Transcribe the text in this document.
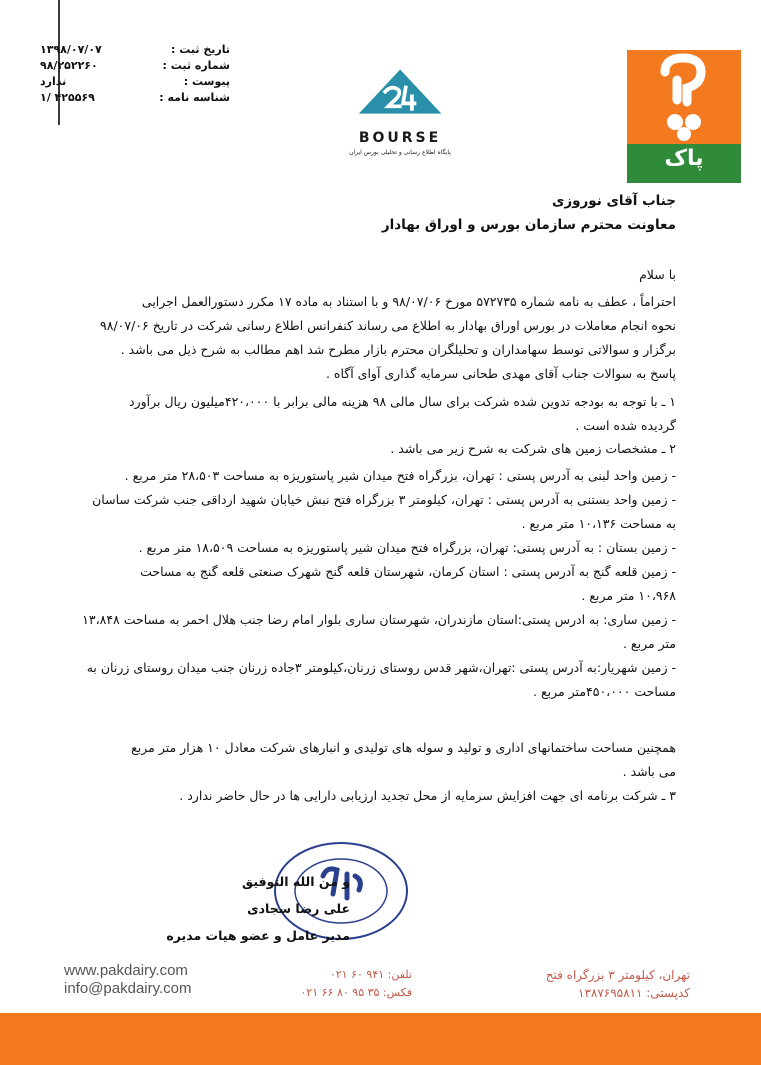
تاریخ ثبت :
۱۳۹۸/۰۷/۰۷
شماره ثبت :
۹۸/۲۵۲۲۶۰
پیوست :
ندارد
شناسه نامه :
۱/ ۴۲۵۵۶۹
BOURSE
پایگاه اطلاع رسانی و تحلیلی بورس ایران	پاک
جناب آقای نوروزی
معاونت محترم سازمان بورس و اوراق بهادار
با سلام
احتراماً ، عطف به نامه شماره ۵۷۲۷۳۵ مورخ ۹۸/۰۷/۰۶ و با استناد به ماده ۱۷ مکرر دستورالعمل اجرایی
نحوه انجام معاملات در بورس اوراق بهادار به اطلاع می رساند کنفرانس اطلاع رسانی شرکت در تاریخ ۹۸/۰۷/۰۶
برگزار و سوالاتی توسط سهامداران و تحلیلگران محترم بازار مطرح شد اهم مطالب به شرح ذیل می باشد .
پاسخ به سوالات جناب آقای مهدی طحانی سرمایه گذاری آوای آگاه .
۱ ـ با توجه به بودجه تدوین شده شرکت برای سال مالی ۹۸ هزینه مالی برابر با ۴۲۰،۰۰۰میلیون ریال برآورد
گردیده شده است .
۲ ـ مشخصات زمین های شرکت به شرح زیر می باشد .
- زمین واحد لبنی به آدرس پستی : تهران، بزرگراه فتح میدان شیر پاستوریزه به مساحت ۲۸،۵۰۳ متر مربع .
- زمین واحد بستنی به آدرس پستی : تهران، کیلومتر ۳ بزرگراه فتح نبش خیابان شهید ارداقی جنب شرکت ساسان
به مساحت ۱۰،۱۳۶ متر مربع .
- زمین بستان : به آدرس پستی: تهران، بزرگراه فتح میدان شیر پاستوریزه به مساحت ۱۸،۵۰۹ متر مربع .
- زمین قلعه گنج به آدرس پستی : استان کرمان، شهرستان قلعه گنج شهرک صنعتی قلعه گنج به مساحت
۱۰،۹۶۸ متر مربع .
- زمین ساری: به ادرس پستی:استان مازندران، شهرستان ساری بلوار امام رضا جنب هلال احمر به مساحت ۱۳،۸۴۸
متر مربع .
- زمین شهریار:به آدرس پستی :تهران،شهر قدس روستای زرنان،کیلومتر ۳جاده زرنان جنب میدان روستای زرنان به
مساحت ۴۵۰،۰۰۰متر مربع .
همچنین مساحت ساختمانهای اداری و تولید و سوله های تولیدی و انبارهای شرکت معادل ۱۰ هزار متر مربع
می باشد .
۳ ـ شرکت برنامه ای جهت افزایش سرمایه از محل تجدید ارزیابی دارایی ها در حال حاضر ندارد .
و من الله التوفیق
علی رضا سجادی
مدیر عامل و عضو هیات مدیره
www.pakdairy.com
info@pakdairy.com
تلفن: ۹۴۱ ۶۰ ۰۲۱
فکس: ۳۵ ۹۵ ۸۰ ۶۶ ۰۲۱
تهران، کیلومتر ۳ بزرگراه فتح
کدپستی: ۱۳۸۷۶۹۵۸۱۱
